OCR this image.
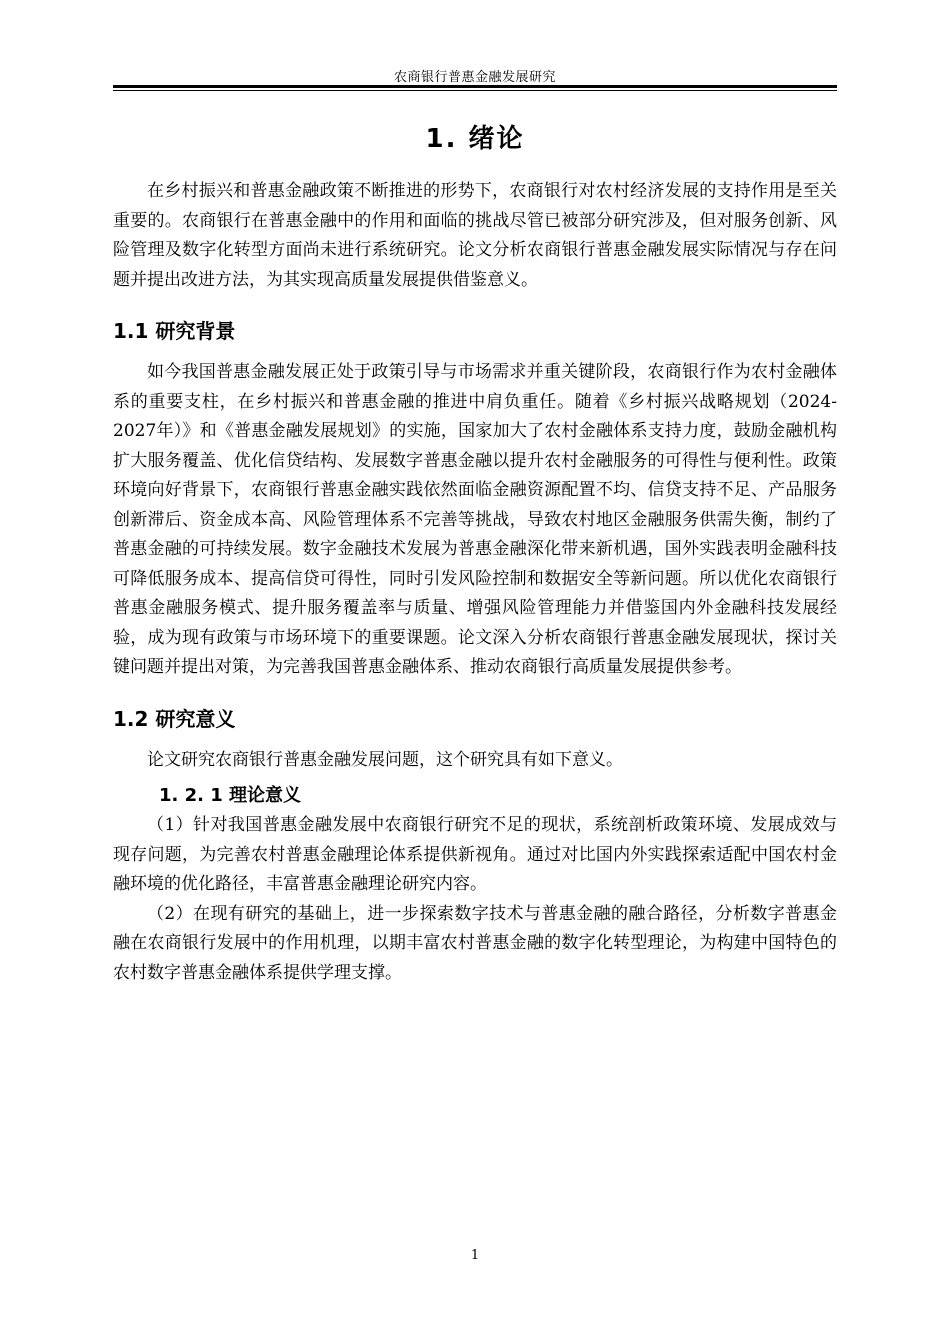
农商银行普惠金融发展研究
1. 绪论

在乡村振兴和普惠金融政策不断推进的形势下，农商银行对农村经济发展的支持作用是至关重要的。农商银行在普惠金融中的作用和面临的挑战尽管已被部分研究涉及，但对服务创新、风险管理及数字化转型方面尚未进行系统研究。论文分析农商银行普惠金融发展实际情况与存在问题并提出改进方法，为其实现高质量发展提供借鉴意义。

1.1 研究背景

如今我国普惠金融发展正处于政策引导与市场需求并重关键阶段，农商银行作为农村金融体系的重要支柱，在乡村振兴和普惠金融的推进中肩负重任。随着《乡村振兴战略规划（2024-2027年）》和《普惠金融发展规划》的实施，国家加大了农村金融体系支持力度，鼓励金融机构扩大服务覆盖、优化信贷结构、发展数字普惠金融以提升农村金融服务的可得性与便利性。政策环境向好背景下，农商银行普惠金融实践依然面临金融资源配置不均、信贷支持不足、产品服务创新滞后、资金成本高、风险管理体系不完善等挑战，导致农村地区金融服务供需失衡，制约了普惠金融的可持续发展。数字金融技术发展为普惠金融深化带来新机遇，国外实践表明金融科技可降低服务成本、提高信贷可得性，同时引发风险控制和数据安全等新问题。所以优化农商银行普惠金融服务模式、提升服务覆盖率与质量、增强风险管理能力并借鉴国内外金融科技发展经验，成为现有政策与市场环境下的重要课题。论文深入分析农商银行普惠金融发展现状，探讨关键问题并提出对策，为完善我国普惠金融体系、推动农商银行高质量发展提供参考。

1.2 研究意义

论文研究农商银行普惠金融发展问题，这个研究具有如下意义。

1. 2. 1 理论意义

（1）针对我国普惠金融发展中农商银行研究不足的现状，系统剖析政策环境、发展成效与现存问题，为完善农村普惠金融理论体系提供新视角。通过对比国内外实践探索适配中国农村金融环境的优化路径，丰富普惠金融理论研究内容。

（2）在现有研究的基础上，进一步探索数字技术与普惠金融的融合路径，分析数字普惠金融在农商银行发展中的作用机理，以期丰富农村普惠金融的数字化转型理论，为构建中国特色的农村数字普惠金融体系提供学理支撑。

1
